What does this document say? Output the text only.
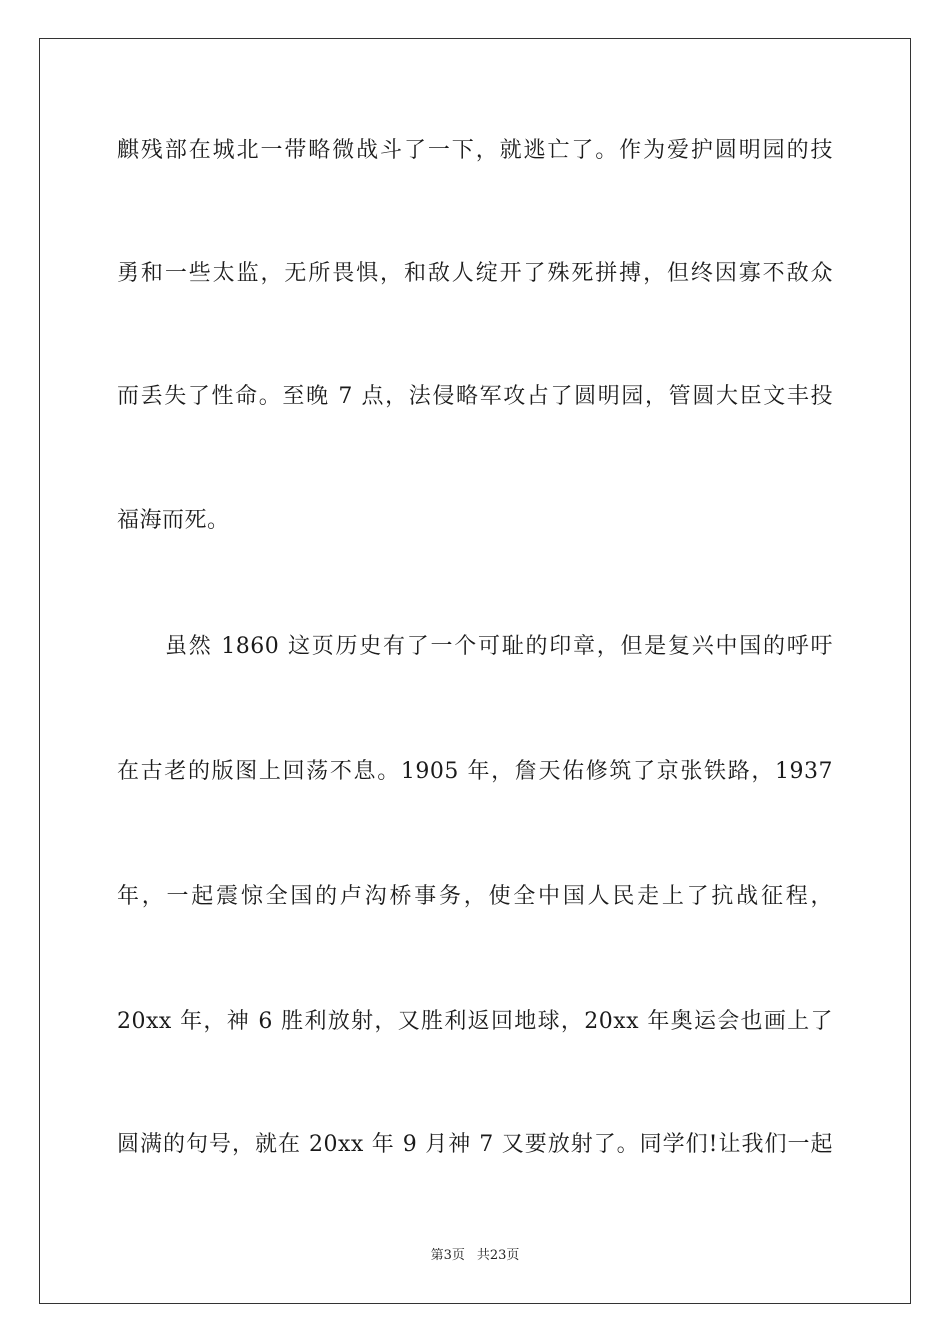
麒残部在城北一带略微战斗了一下，就逃亡了。作为爱护圆明园的技
勇和一些太监，无所畏惧，和敌人绽开了殊死拼搏，但终因寡不敌众
而丢失了性命。至晚 7 点，法侵略军攻占了圆明园，管圆大臣文丰投
福海而死。
虽然 1860 这页历史有了一个可耻的印章，但是复兴中国的呼吁
在古老的版图上回荡不息。1905 年，詹天佑修筑了京张铁路，1937
年，一起震惊全国的卢沟桥事务，使全中国人民走上了抗战征程，
20xx 年，神 6 胜利放射，又胜利返回地球，20xx 年奥运会也画上了
圆满的句号，就在 20xx 年 9 月神 7 又要放射了。同学们!让我们一起
第3页 共23页
